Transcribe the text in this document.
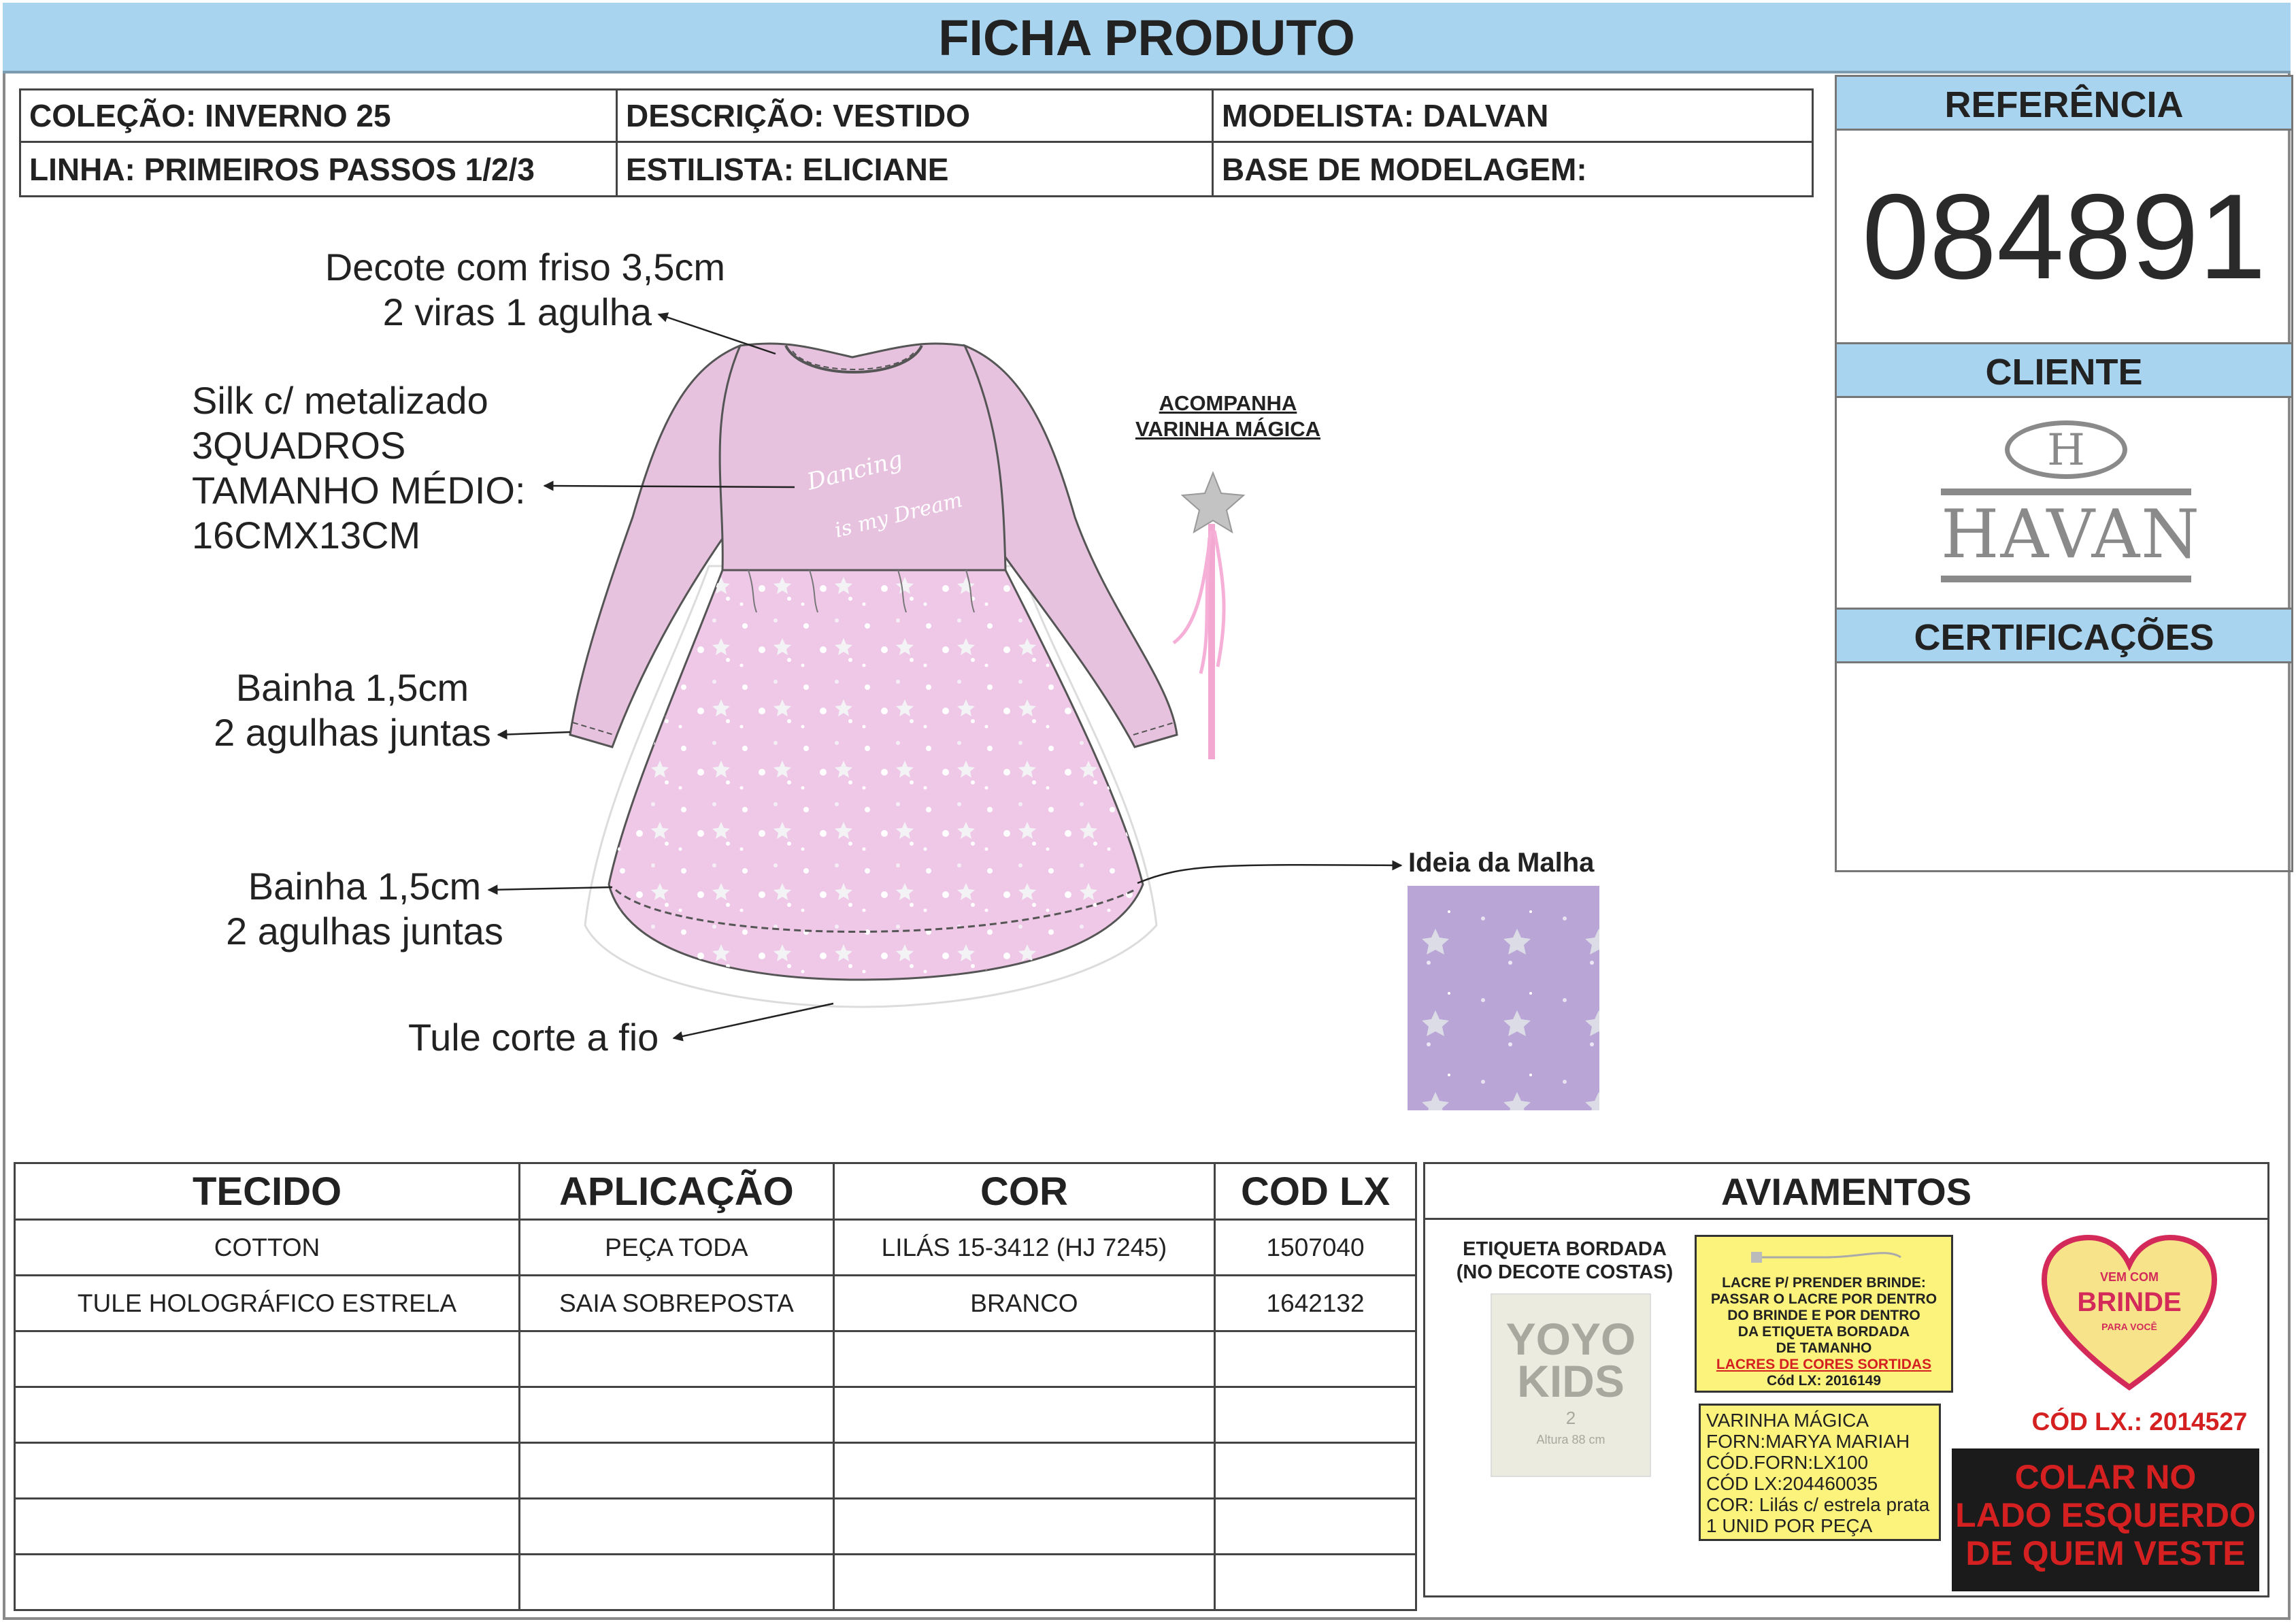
FICHA PRODUTO
COLEÇÃO: INVERNO 25	DESCRIÇÃO: VESTIDO	MODELISTA: DALVAN
LINHA: PRIMEIROS PASSOS 1/2/3	ESTILISTA: ELICIANE	BASE DE MODELAGEM:
REFERÊNCIA
084891
CLIENTE
H
HAVAN
CERTIFICAÇÕES
Dancing
is my Dream
Decote com friso 3,5cm
2 viras 1 agulha
Silk c/ metalizado
3QUADROS
TAMANHO MÉDIO:
16CMX13CM
Bainha 1,5cm
2 agulhas juntas
Bainha 1,5cm
2 agulhas juntas
Tule corte a fio
ACOMPANHA
VARINHA MÁGICA
Ideia da Malha
TECIDO	APLICAÇÃO	COR	COD LX
COTTON	PEÇA TODA	LILÁS 15-3412 (HJ 7245)	1507040
TULE HOLOGRÁFICO ESTRELA	SAIA SOBREPOSTA	BRANCO	1642132

AVIAMENTOS
ETIQUETA BORDADA
(NO DECOTE COSTAS)
YOYO
KIDS
2
Altura 88 cm
LACRE P/ PRENDER BRINDE:
PASSAR O LACRE POR DENTRO
DO BRINDE E POR DENTRO
DA ETIQUETA BORDADA
DE TAMANHO
LACRES DE CORES SORTIDAS
Cód LX: 2016149
VARINHA MÁGICA
FORN:MARYA MARIAH
CÓD.FORN:LX100
CÓD LX:204460035
COR: Lilás c/ estrela prata
1 UNID POR PEÇA
VEM COM
BRINDE
PARA VOCÊ
CÓD LX.: 2014527
COLAR NO
LADO ESQUERDO
DE QUEM VESTE
